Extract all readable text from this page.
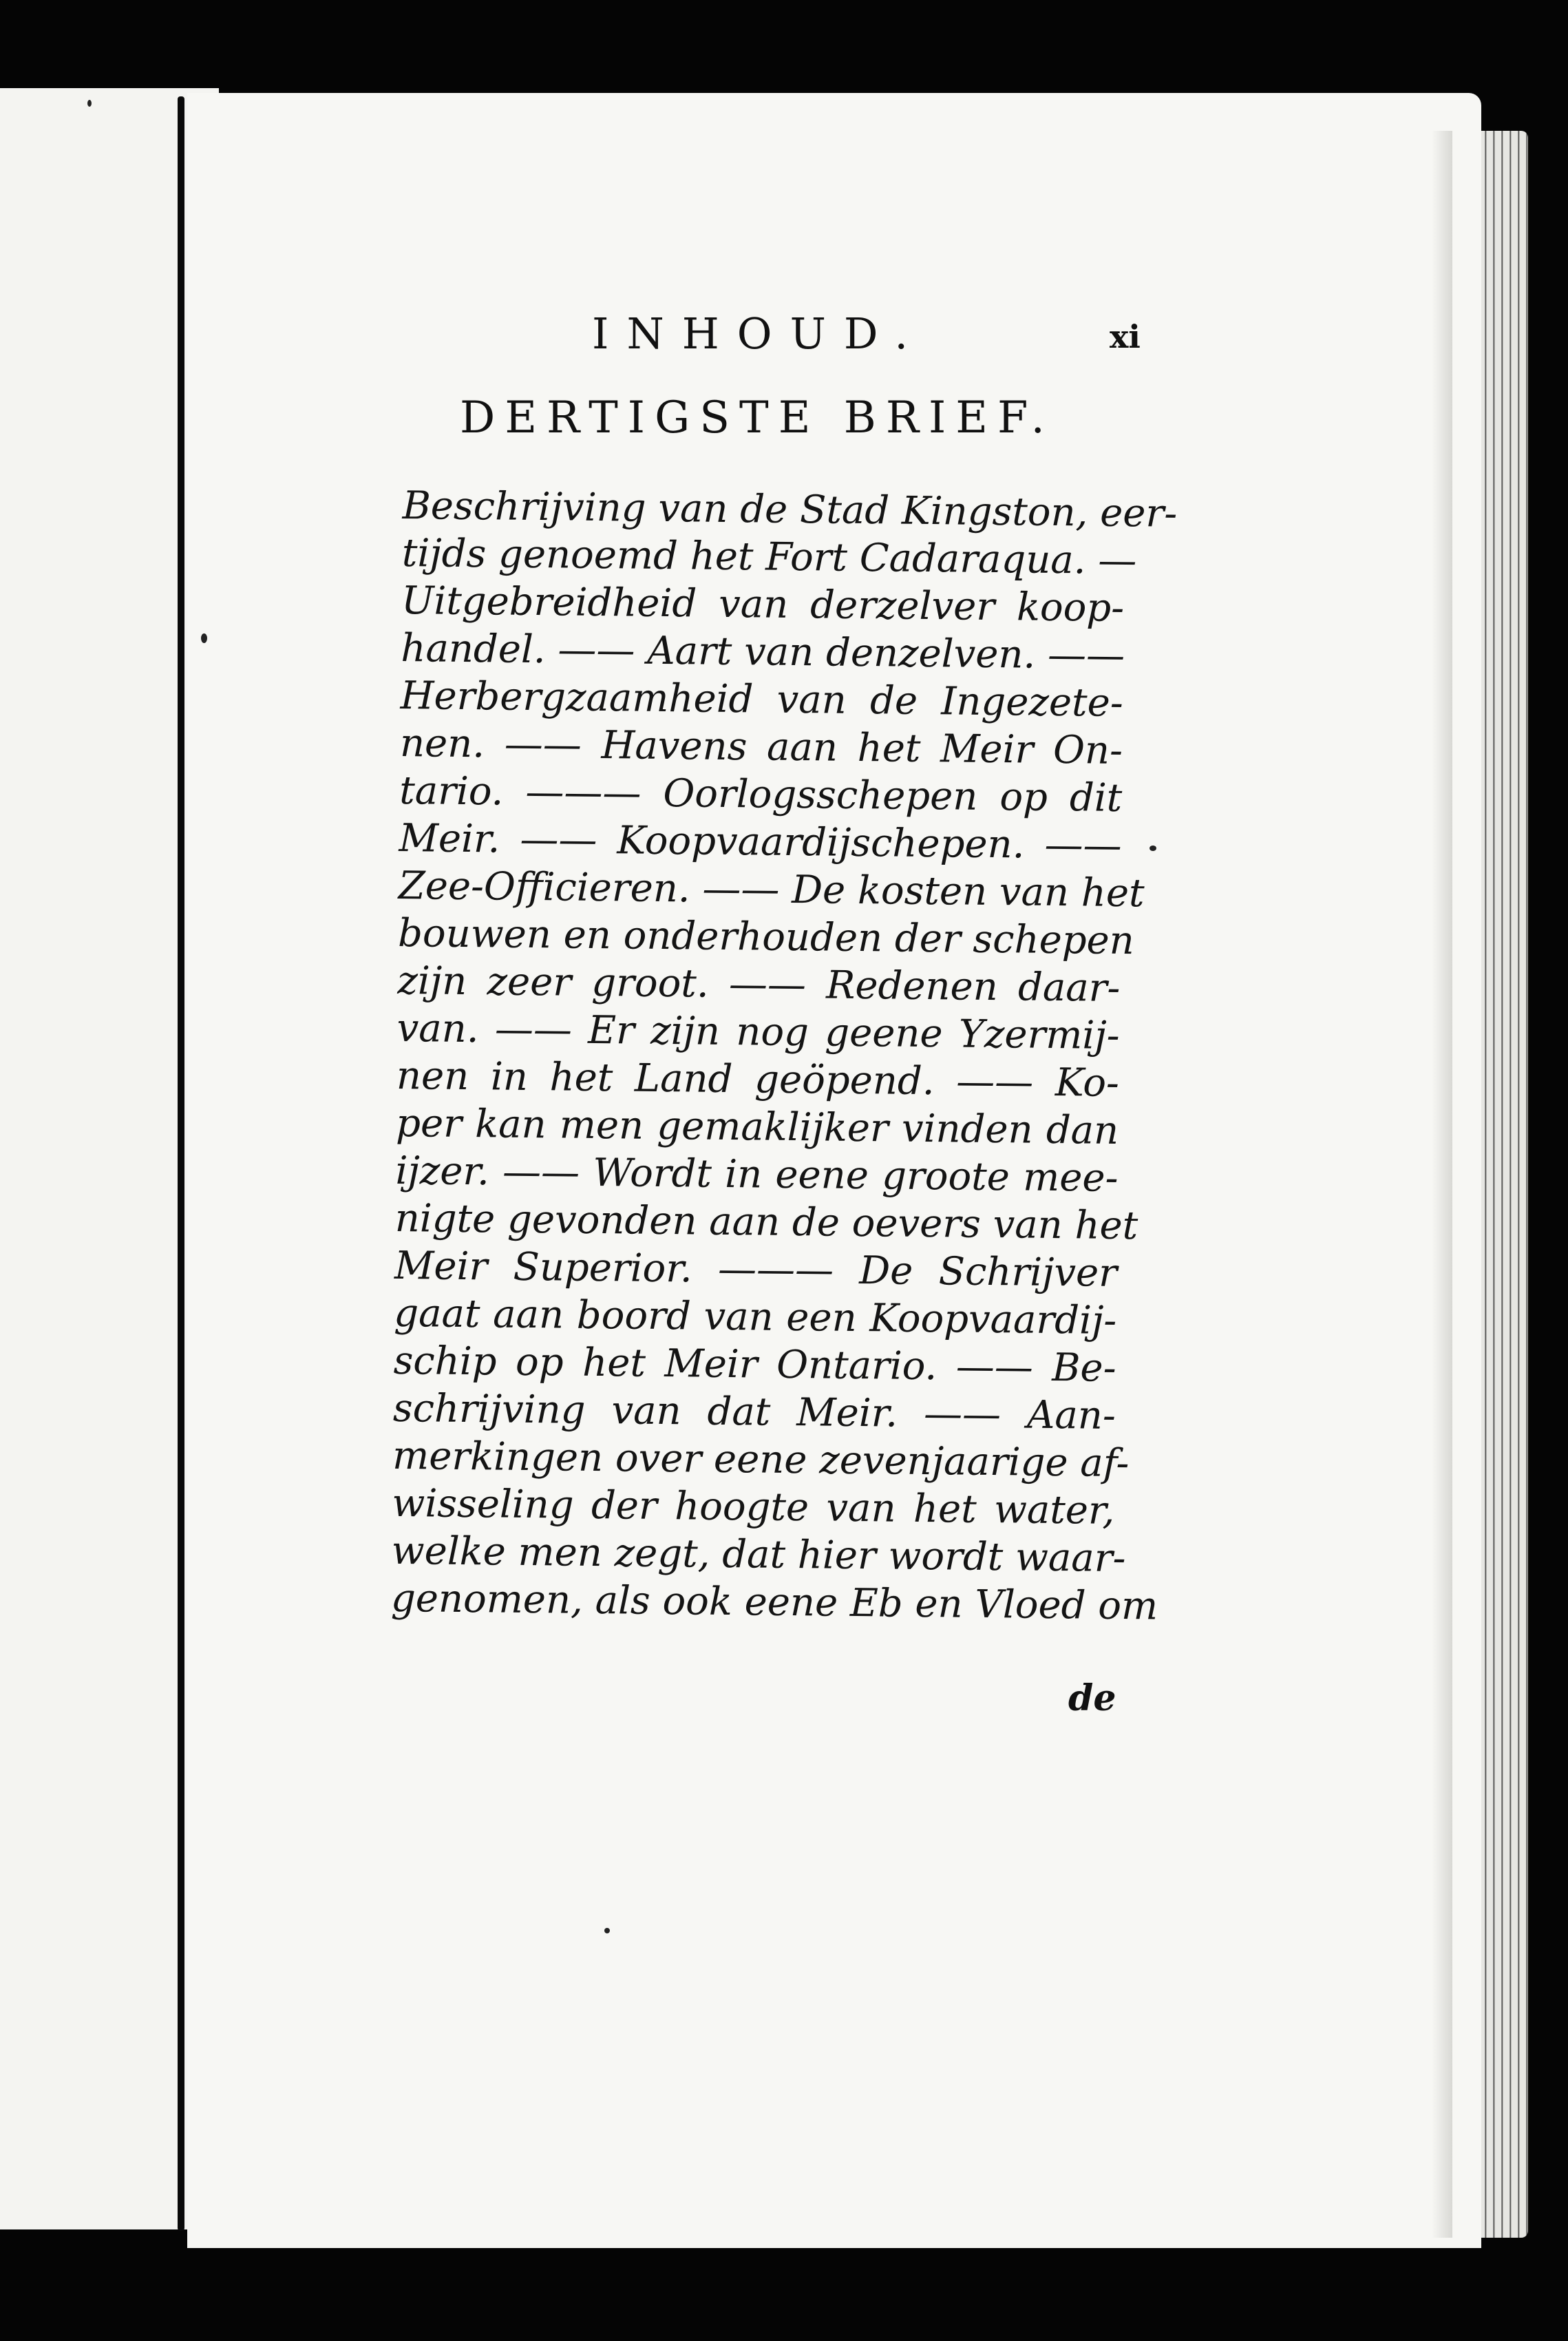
INHOUD.	xi
DERTIGSTE BRIEF.
Beschrijving van de Stad Kingston, eer-
tijds genoemd het Fort Cadaraqua. —
Uitgebreidheid van derzelver koop-
handel. —— Aart van denzelven. ——
Herbergzaamheid van de Ingezete-
nen. —— Havens aan het Meir On-
tario. ——— Oorlogsschepen op dit
Meir. —— Koopvaardijschepen. ——
Zee-Officieren. —— De kosten van het
bouwen en onderhouden der schepen
zijn zeer groot. —— Redenen daar-
van. —— Er zijn nog geene Yzermij-
nen in het Land geöpend. —— Ko-
per kan men gemaklijker vinden dan
ijzer. —— Wordt in eene groote mee-
nigte gevonden aan de oevers van het
Meir Superior. ——— De Schrijver
gaat aan boord van een Koopvaardij-
schip op het Meir Ontario. —— Be-
schrijving van dat Meir. —— Aan-
merkingen over eene zevenjaarige af-
wisseling der hoogte van het water,
welke men zegt, dat hier wordt waar-
genomen, als ook eene Eb en Vloed om
de
